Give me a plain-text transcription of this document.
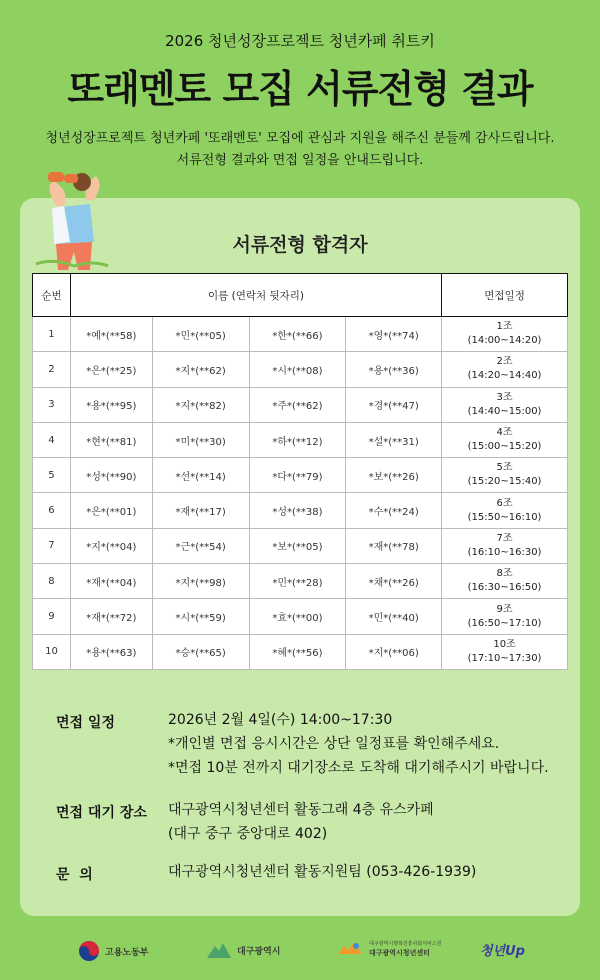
2026 청년성장프로젝트 청년카페 취트키
또래멘토 모집 서류전형 결과
청년성장프로젝트 청년카페 '또래멘토' 모집에 관심과 지원을 해주신 분들께 감사드립니다.
서류전형 결과와 면접 일정을 안내드립니다.
서류전형 합격자
순번	이름 (연락처 뒷자리)				면접일정
1	*예*(**58)	*민*(**05)	*한*(**66)	*영*(**74)	1조
(14:00~14:20)

2	*은*(**25)	*지*(**62)	*시*(**08)	*용*(**36)	2조
(14:20~14:40)

3	*용*(**95)	*지*(**82)	*주*(**62)	*경*(**47)	3조
(14:40~15:00)

4	*현*(**81)	*미*(**30)	*하*(**12)	*설*(**31)	4조
(15:00~15:20)

5	*성*(**90)	*선*(**14)	*다*(**79)	*보*(**26)	5조
(15:20~15:40)

6	*은*(**01)	*재*(**17)	*성*(**38)	*수*(**24)	6조
(15:50~16:10)

7	*지*(**04)	*근*(**54)	*보*(**05)	*재*(**78)	7조
(16:10~16:30)

8	*재*(**04)	*지*(**98)	*민*(**28)	*채*(**26)	8조
(16:30~16:50)

9	*재*(**72)	*시*(**59)	*효*(**00)	*민*(**40)	9조
(16:50~17:10)

10	*용*(**63)	*승*(**65)	*혜*(**56)	*지*(**06)	10조
(17:10~17:30)
면접 일정	2026년 2월 4일(수) 14:00~17:30
*개인별 면접 응시시간은 상단 일정표를 확인해주세요.
*면접 10분 전까지 대기장소로 도착해 대기해주시기 바랍니다.
면접 대기 장소 대구광역시청년센터 활동그래 4층 유스카페
(대구 중구 중앙대로 402)
문  의	대구광역시청년센터 활동지원팀 (053-426-1939)
고용노동부	대구광역시
대구광역시행복진흥사회서비스원
대구광역시청년센터	청년Up
